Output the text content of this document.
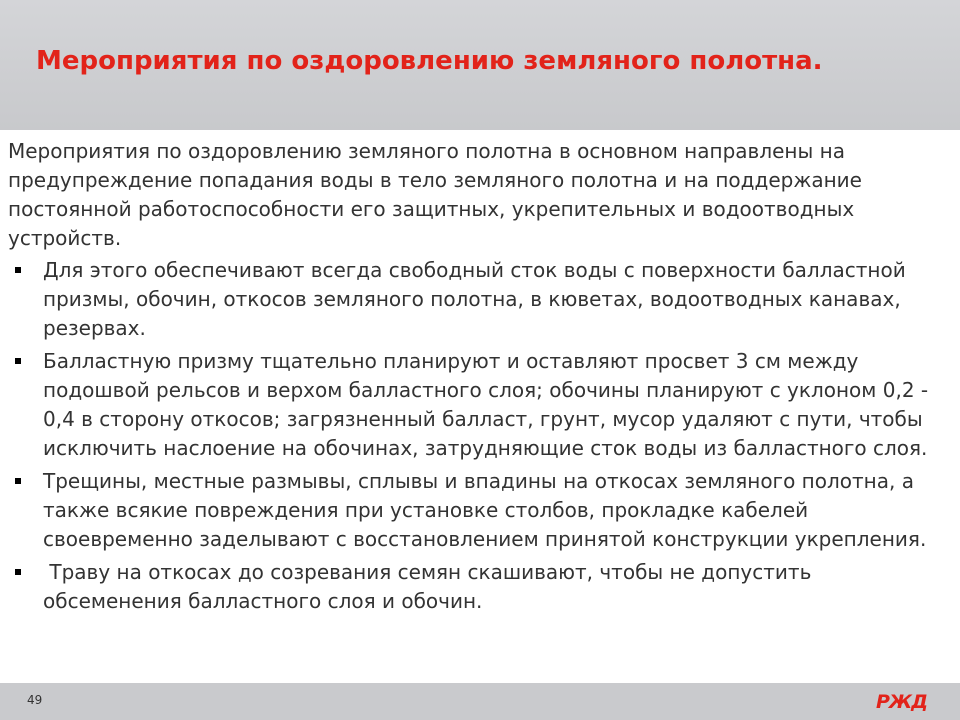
Мероприятия по оздоровлению земляного полотна.

Мероприятия по оздоровлению земляного полотна в основном направлены на предупреждение попадания воды в тело земляного полотна и на поддержание постоянной работоспособности его защитных, укрепительных и водоотводных устройств.

Для этого обеспечивают всегда свободный сток воды с поверхности балластной призмы, обочин, откосов земляного полотна, в кюветах, водоотводных канавах, резервах.
Балластную призму тщательно планируют и оставляют просвет 3 см между подошвой рельсов и верхом балластного слоя; обочины планируют с уклоном 0,2 - 0,4 в сторону откосов; загрязненный балласт, грунт, мусор удаляют с пути, чтобы исключить наслоение на обочинах, затрудняющие сток воды из балластного слоя.
Трещины, местные размывы, сплывы и впадины на откосах земляного полотна, а также всякие повреждения при установке столбов, прокладке кабелей своевременно заделывают с восстановлением принятой конструкции укрепления.
Траву на откосах до созревания семян скашивают, чтобы не допустить обсеменения балластного слоя и обочин.
49	РЖД
